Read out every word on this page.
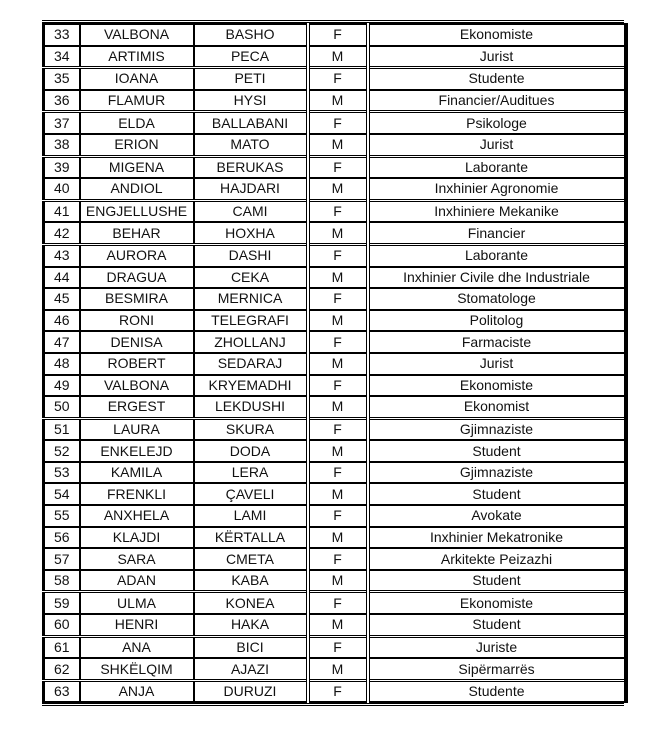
33	VALBONA	BASHO	F	Ekonomiste
34	ARTIMIS	PECA	M	Jurist
35	IOANA	PETI	F	Studente
36	FLAMUR	HYSI	M	Financier/Auditues
37	ELDA	BALLABANI	F	Psikologe
38	ERION	MATO	M	Jurist
39	MIGENA	BERUKAS	F	Laborante
40	ANDIOL	HAJDARI	M	Inxhinier Agronomie
41	ENGJELLUSHE	CAMI	F	Inxhiniere Mekanike
42	BEHAR	HOXHA	M	Financier
43	AURORA	DASHI	F	Laborante
44	DRAGUA	CEKA	M	Inxhinier Civile dhe Industriale
45	BESMIRA	MERNICA	F	Stomatologe
46	RONI	TELEGRAFI	M	Politolog
47	DENISA	ZHOLLANJ	F	Farmaciste
48	ROBERT	SEDARAJ	M	Jurist
49	VALBONA	KRYEMADHI	F	Ekonomiste
50	ERGEST	LEKDUSHI	M	Ekonomist
51	LAURA	SKURA	F	Gjimnaziste
52	ENKELEJD	DODA	M	Student
53	KAMILA	LERA	F	Gjimnaziste
54	FRENKLI	ÇAVELI	M	Student
55	ANXHELA	LAMI	F	Avokate
56	KLAJDI	KËRTALLA	M	Inxhinier Mekatronike
57	SARA	CMETA	F	Arkitekte Peizazhi
58	ADAN	KABA	M	Student
59	ULMA	KONEA	F	Ekonomiste
60	HENRI	HAKA	M	Student
61	ANA	BICI	F	Juriste
62	SHKËLQIM	AJAZI	M	Sipërmarrës
63	ANJA	DURUZI	F	Studente
